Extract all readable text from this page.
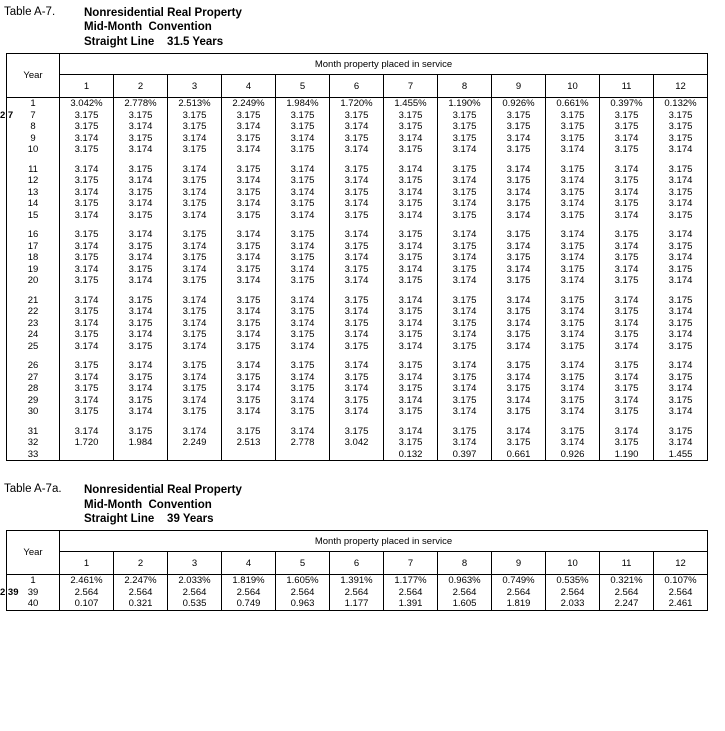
Table A-7.	Nonresidential Real Property
Mid-Month  Convention
Straight Line    31.5 Years
Year	Month property placed in service											
	1	2	3	4	5	6	7	8	9	10	11	12
1	3.042%	2.778%	2.513%	2.249%	1.984%	1.720%	1.455%	1.190%	0.926%	0.661%	0.397%	0.132%
7	3.175	3.175	3.175	3.175	3.175	3.175	3.175	3.175	3.175	3.175	3.175	3.175
8	3.175	3.174	3.175	3.174	3.175	3.174	3.175	3.175	3.175	3.175	3.175	3.175
9	3.174	3.175	3.174	3.175	3.174	3.175	3.174	3.175	3.174	3.175	3.174	3.175
10	3.175	3.174	3.175	3.174	3.175	3.174	3.175	3.174	3.175	3.174	3.175	3.174

11	3.174	3.175	3.174	3.175	3.174	3.175	3.174	3.175	3.174	3.175	3.174	3.175
12	3.175	3.174	3.175	3.174	3.175	3.174	3.175	3.174	3.175	3.174	3.175	3.174
13	3.174	3.175	3.174	3.175	3.174	3.175	3.174	3.175	3.174	3.175	3.174	3.175
14	3.175	3.174	3.175	3.174	3.175	3.174	3.175	3.174	3.175	3.174	3.175	3.174
15	3.174	3.175	3.174	3.175	3.174	3.175	3.174	3.175	3.174	3.175	3.174	3.175

16	3.175	3.174	3.175	3.174	3.175	3.174	3.175	3.174	3.175	3.174	3.175	3.174
17	3.174	3.175	3.174	3.175	3.174	3.175	3.174	3.175	3.174	3.175	3.174	3.175
18	3.175	3.174	3.175	3.174	3.175	3.174	3.175	3.174	3.175	3.174	3.175	3.174
19	3.174	3.175	3.174	3.175	3.174	3.175	3.174	3.175	3.174	3.175	3.174	3.175
20	3.175	3.174	3.175	3.174	3.175	3.174	3.175	3.174	3.175	3.174	3.175	3.174

21	3.174	3.175	3.174	3.175	3.174	3.175	3.174	3.175	3.174	3.175	3.174	3.175
22	3.175	3.174	3.175	3.174	3.175	3.174	3.175	3.174	3.175	3.174	3.175	3.174
23	3.174	3.175	3.174	3.175	3.174	3.175	3.174	3.175	3.174	3.175	3.174	3.175
24	3.175	3.174	3.175	3.174	3.175	3.174	3.175	3.174	3.175	3.174	3.175	3.174
25	3.174	3.175	3.174	3.175	3.174	3.175	3.174	3.175	3.174	3.175	3.174	3.175

26	3.175	3.174	3.175	3.174	3.175	3.174	3.175	3.174	3.175	3.174	3.175	3.174
27	3.174	3.175	3.174	3.175	3.174	3.175	3.174	3.175	3.174	3.175	3.174	3.175
28	3.175	3.174	3.175	3.174	3.175	3.174	3.175	3.174	3.175	3.174	3.175	3.174
29	3.174	3.175	3.174	3.175	3.174	3.175	3.174	3.175	3.174	3.175	3.174	3.175
30	3.175	3.174	3.175	3.174	3.175	3.174	3.175	3.174	3.175	3.174	3.175	3.174

31	3.174	3.175	3.174	3.175	3.174	3.175	3.174	3.175	3.174	3.175	3.174	3.175
32	1.720	1.984	2.249	2.513	2.778	3.042	3.175	3.174	3.175	3.174	3.175	3.174
33							0.132	0.397	0.661	0.926	1.190	1.455
Table A-7a.	Nonresidential Real Property
Mid-Month  Convention
Straight Line    39 Years
Year	Month property placed in service											
	1	2	3	4	5	6	7	8	9	10	11	12
1	2.461%	2.247%	2.033%	1.819%	1.605%	1.391%	1.177%	0.963%	0.749%	0.535%	0.321%	0.107%
39	2.564	2.564	2.564	2.564	2.564	2.564	2.564	2.564	2.564	2.564	2.564	2.564
40	0.107	0.321	0.535	0.749	0.963	1.177	1.391	1.605	1.819	2.033	2.247	2.461
2 7
2 39
